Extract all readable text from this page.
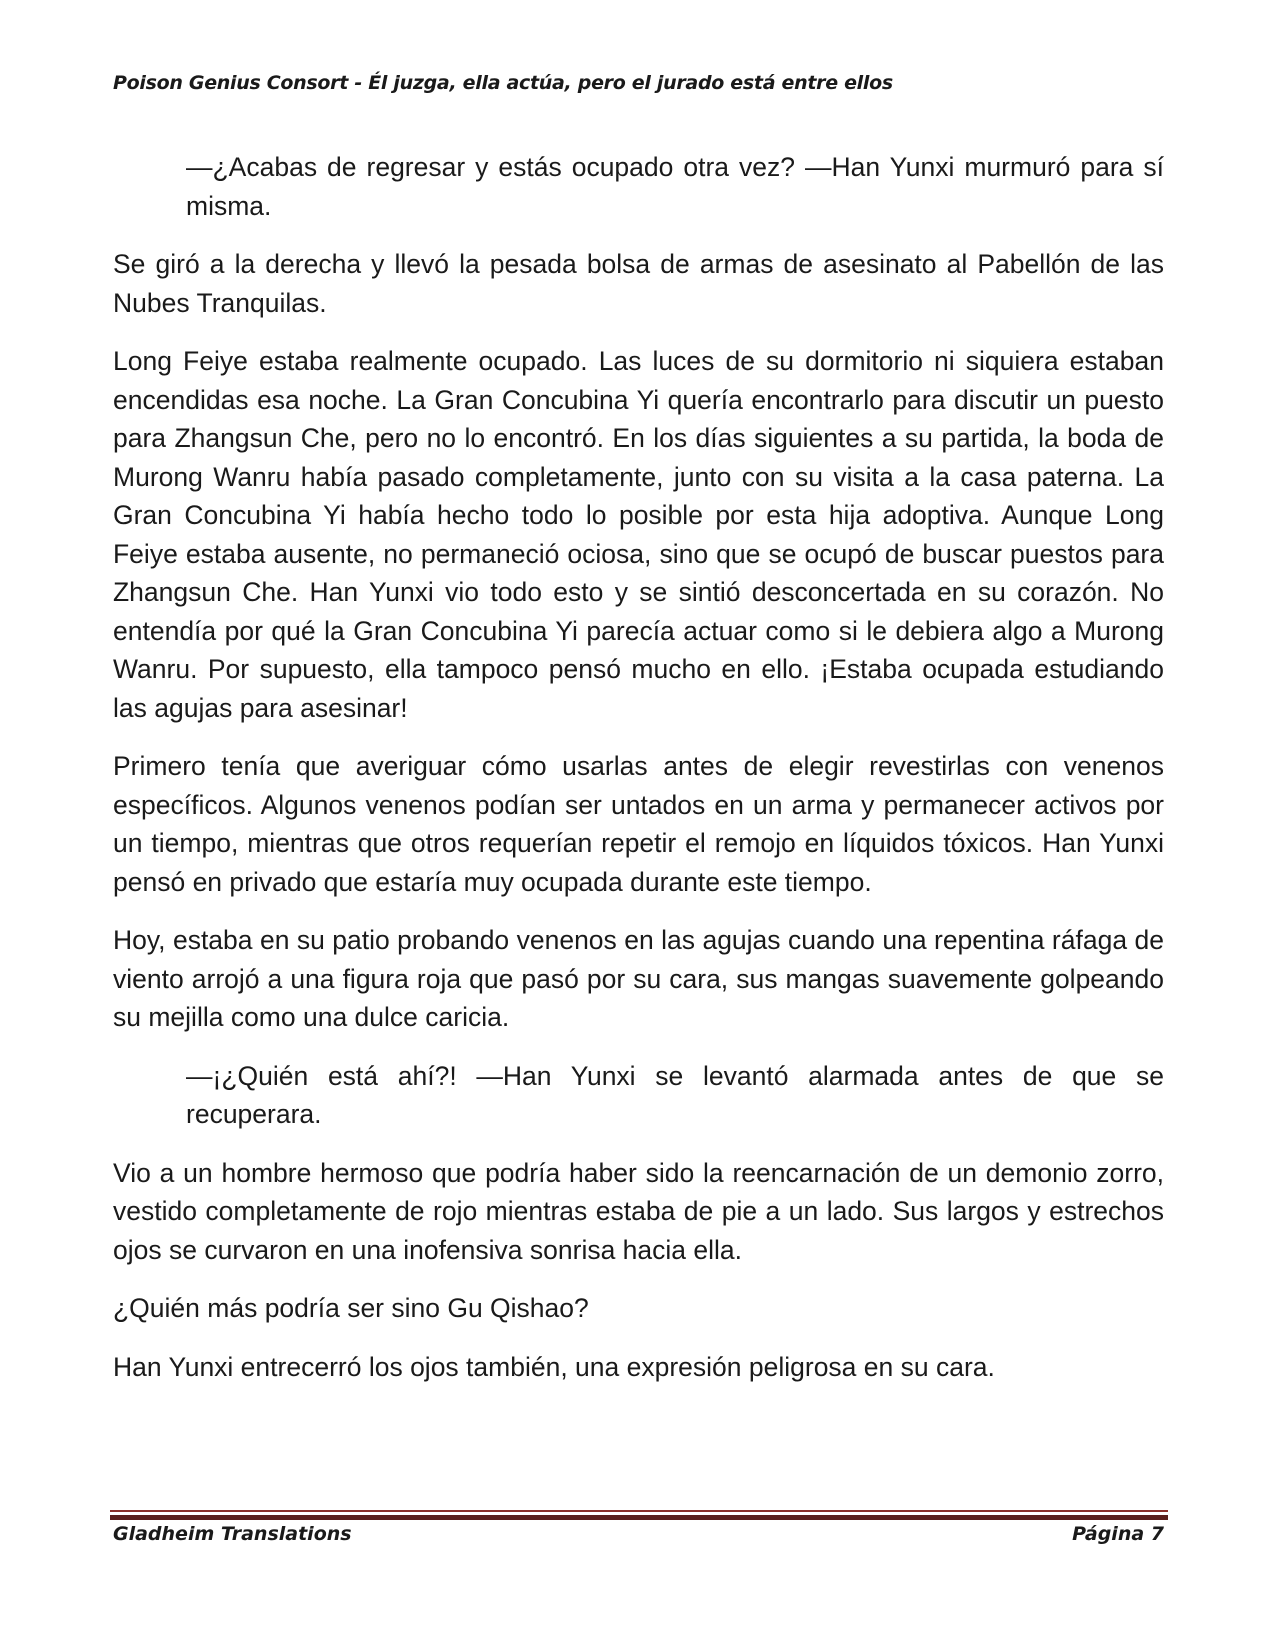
Poison Genius Consort - Él juzga, ella actúa, pero el jurado está entre ellos

—¿Acabas de regresar y estás ocupado otra vez? —Han Yunxi murmuró para sí misma.

Se giró a la derecha y llevó la pesada bolsa de armas de asesinato al Pabellón de las Nubes Tranquilas.

Long Feiye estaba realmente ocupado. Las luces de su dormitorio ni siquiera estaban encendidas esa noche. La Gran Concubina Yi quería encontrarlo para discutir un puesto para Zhangsun Che, pero no lo encontró. En los días siguientes a su partida, la boda de Murong Wanru había pasado completamente, junto con su visita a la casa paterna. La Gran Concubina Yi había hecho todo lo posible por esta hija adoptiva. Aunque Long Feiye estaba ausente, no permaneció ociosa, sino que se ocupó de buscar puestos para Zhangsun Che. Han Yunxi vio todo esto y se sintió desconcertada en su corazón. No entendía por qué la Gran Concubina Yi parecía actuar como si le debiera algo a Murong Wanru. Por supuesto, ella tampoco pensó mucho en ello. ¡Estaba ocupada estudiando las agujas para asesinar!

Primero tenía que averiguar cómo usarlas antes de elegir revestirlas con venenos específicos. Algunos venenos podían ser untados en un arma y permanecer activos por un tiempo, mientras que otros requerían repetir el remojo en líquidos tóxicos. Han Yunxi pensó en privado que estaría muy ocupada durante este tiempo.

Hoy, estaba en su patio probando venenos en las agujas cuando una repentina ráfaga de viento arrojó a una figura roja que pasó por su cara, sus mangas suavemente golpeando su mejilla como una dulce caricia.

—¡¿Quién está ahí?! —Han Yunxi se levantó alarmada antes de que se recuperara.

Vio a un hombre hermoso que podría haber sido la reencarnación de un demonio zorro, vestido completamente de rojo mientras estaba de pie a un lado. Sus largos y estrechos ojos se curvaron en una inofensiva sonrisa hacia ella.

¿Quién más podría ser sino Gu Qishao?

Han Yunxi entrecerró los ojos también, una expresión peligrosa en su cara.

Gladheim Translations	Página 7
